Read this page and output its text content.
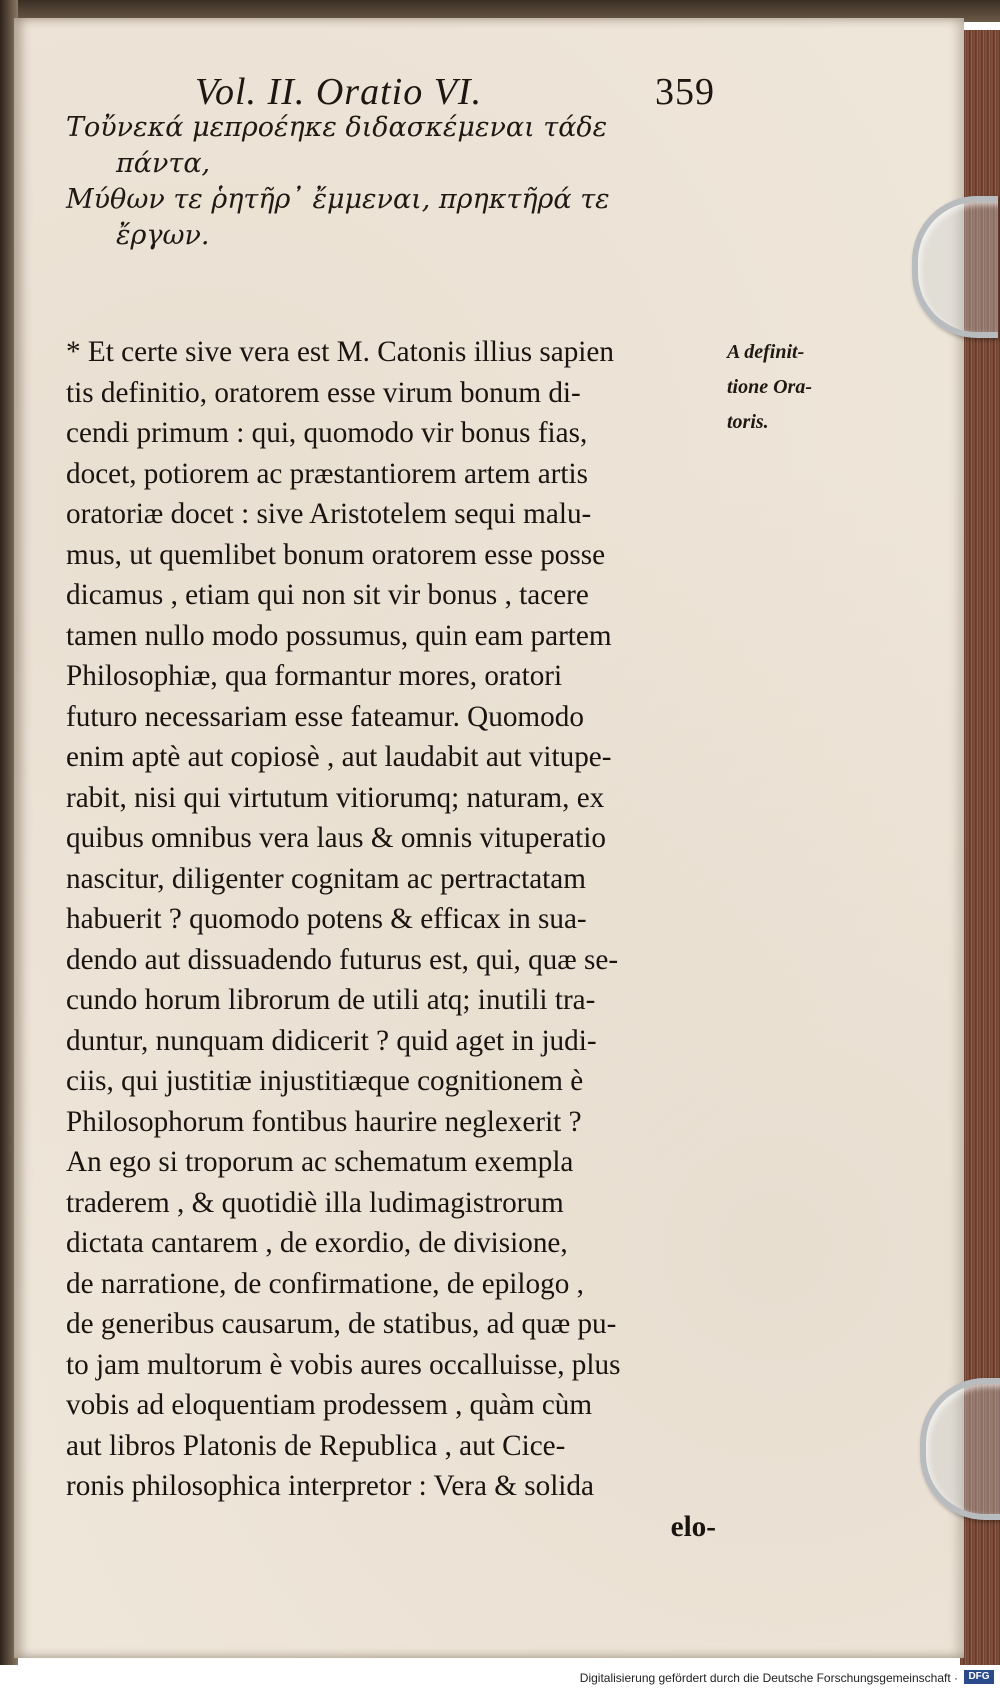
Vol. II. Oratio VI.	359
Τοὔνεκά μεπροέηκε διδασκέμεναι τάδε
πάντα,
Μύθων τε ῥητῆρ᾽ ἔμμεναι, πρηκτῆρά τε
ἔργων.
* Et certe sive vera est M. Catonis illius sapien
tis definitio, oratorem esse virum bonum di-
cendi primum : qui, quomodo vir bonus fias,
docet, potiorem ac præstantiorem artem artis
oratoriæ docet : sive Aristotelem sequi malu-
mus, ut quemlibet bonum oratorem esse posse
dicamus , etiam qui non sit vir bonus , tacere
tamen nullo modo possumus, quin eam partem
Philosophiæ, qua formantur mores, oratori
futuro necessariam esse fateamur. Quomodo
enim aptè aut copiosè , aut laudabit aut vitupe-
rabit, nisi qui virtutum vitiorumq; naturam, ex
quibus omnibus vera laus & omnis vituperatio
nascitur, diligenter cognitam ac pertractatam
habuerit ? quomodo potens & efficax in sua-
dendo aut dissuadendo futurus est, qui, quæ se-
cundo horum librorum de utili atq; inutili tra-
duntur, nunquam didicerit ? quid aget in judi-
ciis, qui justitiæ injustitiæque cognitionem è
Philosophorum fontibus haurire neglexerit ?
An ego si troporum ac schematum exempla
traderem , & quotidiè illa ludimagistrorum
dictata cantarem , de exordio, de divisione,
de narratione, de confirmatione, de epilogo ,
de generibus causarum, de statibus, ad quæ pu-
to jam multorum è vobis aures occalluisse, plus
vobis ad eloquentiam prodessem , quàm cùm
aut libros Platonis de Republica , aut Cice-
ronis philosophica interpretor : Vera & solida
elo-
A definit-
tione Ora-
toris.
Digitalisierung gefördert durch die Deutsche Forschungsgemeinschaft ·	DFG
